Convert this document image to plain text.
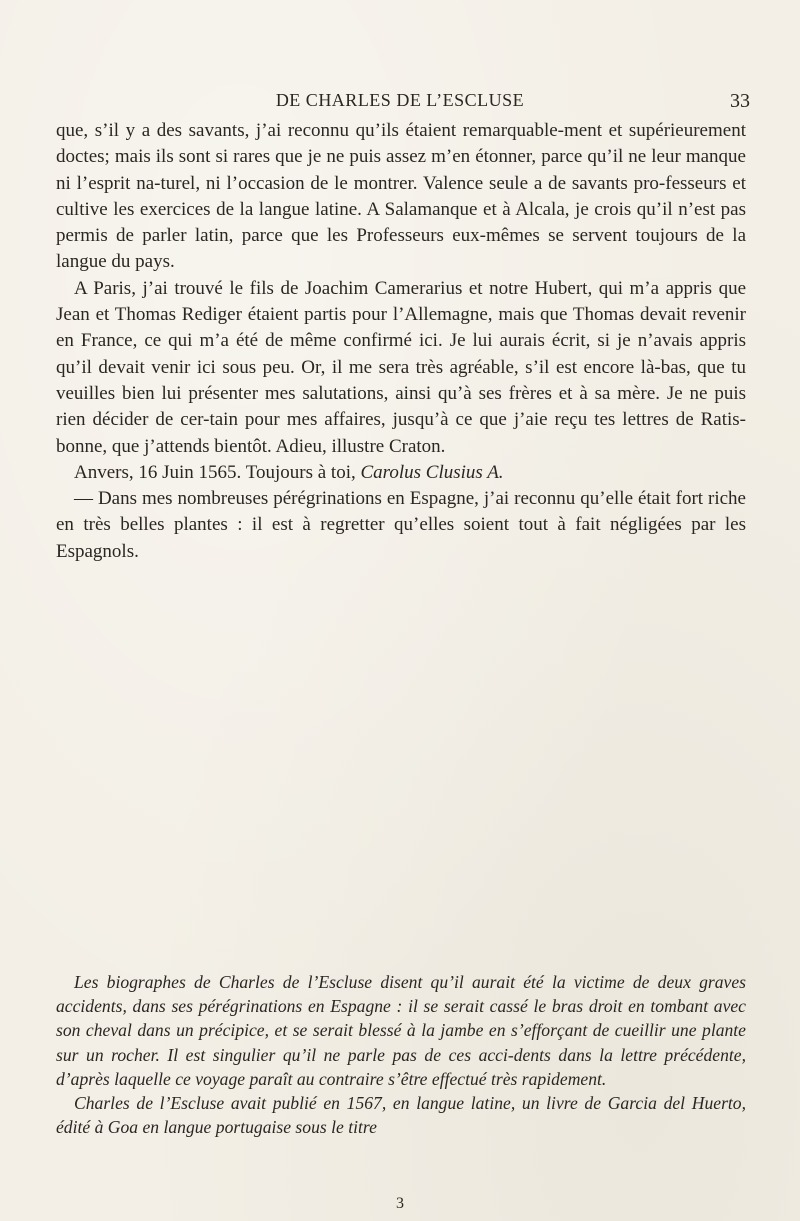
DE CHARLES DE L’ESCLUSE	33

que, s’il y a des savants, j’ai reconnu qu’ils étaient remarquable-ment et supérieurement doctes; mais ils sont si rares que je ne puis assez m’en étonner, parce qu’il ne leur manque ni l’esprit na-turel, ni l’occasion de le montrer. Valence seule a de savants pro-fesseurs et cultive les exercices de la langue latine. A Salamanque et à Alcala, je crois qu’il n’est pas permis de parler latin, parce que les Professeurs eux-mêmes se servent toujours de la langue du pays.

A Paris, j’ai trouvé le fils de Joachim Camerarius et notre Hubert, qui m’a appris que Jean et Thomas Rediger étaient partis pour l’Allemagne, mais que Thomas devait revenir en France, ce qui m’a été de même confirmé ici. Je lui aurais écrit, si je n’avais appris qu’il devait venir ici sous peu. Or, il me sera très agréable, s’il est encore là-bas, que tu veuilles bien lui présenter mes salutations, ainsi qu’à ses frères et à sa mère. Je ne puis rien décider de cer-tain pour mes affaires, jusqu’à ce que j’aie reçu tes lettres de Ratis-bonne, que j’attends bientôt. Adieu, illustre Craton.

Anvers, 16 Juin 1565. Toujours à toi, Carolus Clusius A.

— Dans mes nombreuses pérégrinations en Espagne, j’ai reconnu qu’elle était fort riche en très belles plantes : il est à regretter qu’elles soient tout à fait négligées par les Espagnols.

Les biographes de Charles de l’Escluse disent qu’il aurait été la victime de deux graves accidents, dans ses pérégrinations en Espagne : il se serait cassé le bras droit en tombant avec son cheval dans un précipice, et se serait blessé à la jambe en s’efforçant de cueillir une plante sur un rocher. Il est singulier qu’il ne parle pas de ces acci-dents dans la lettre précédente, d’après laquelle ce voyage paraît au contraire s’être effectué très rapidement.

Charles de l’Escluse avait publié en 1567, en langue latine, un livre de Garcia del Huerto, édité à Goa en langue portugaise sous le titre

3
